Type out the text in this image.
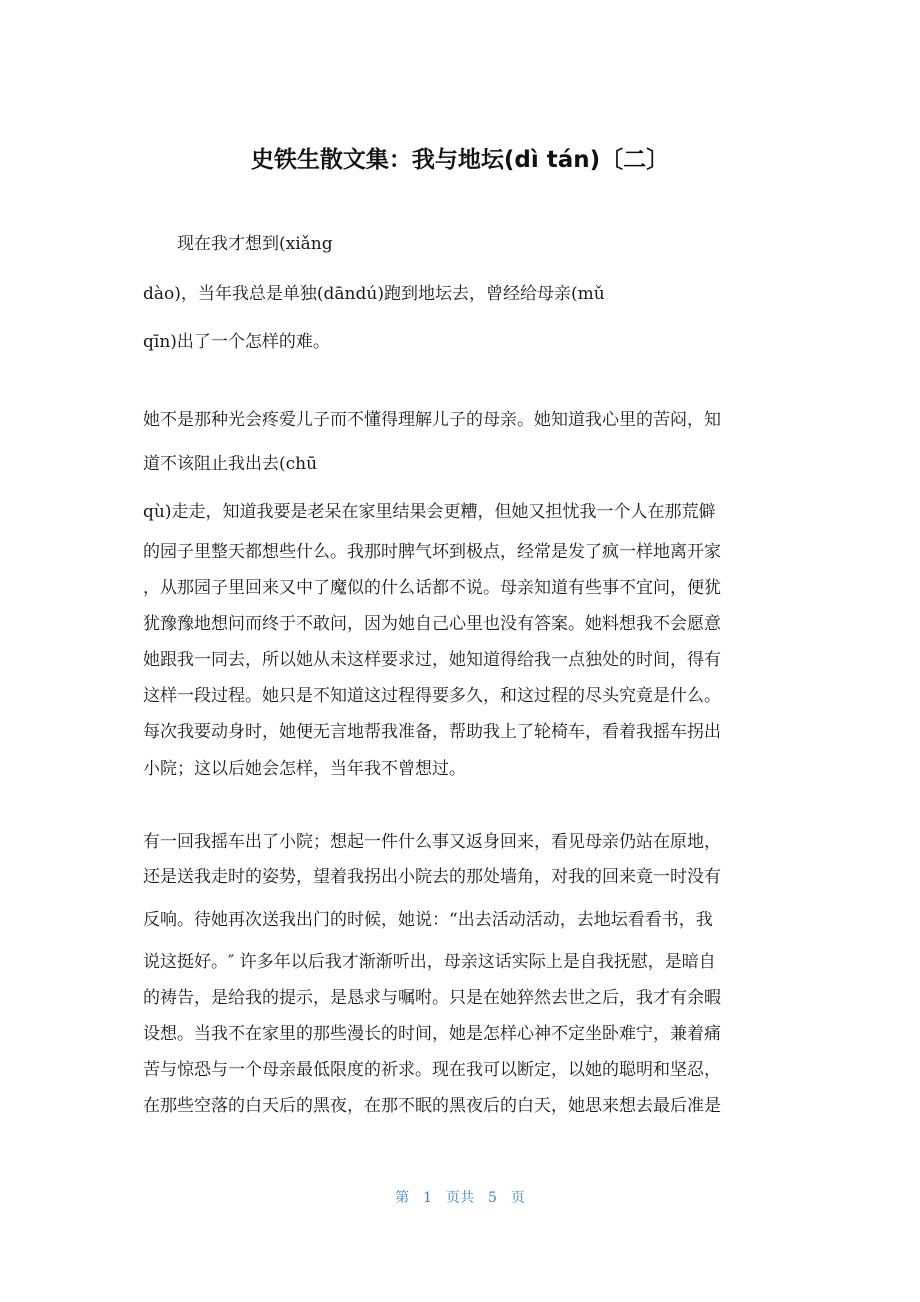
史铁生散文集：我与地坛(dì tán)〔二〕
　　现在我才想到(xiǎng
dào)，当年我总是单独(dāndú)跑到地坛去，曾经给母亲(mǔ
qīn)出了一个怎样的难。
她不是那种光会疼爱儿子而不懂得理解儿子的母亲。她知道我心里的苦闷，知
道不该阻止我出去(chū
qù)走走，知道我要是老呆在家里结果会更糟，但她又担忧我一个人在那荒僻
的园子里整天都想些什么。我那时脾气坏到极点，经常是发了疯一样地离开家
，从那园子里回来又中了魔似的什么话都不说。母亲知道有些事不宜问，便犹
犹豫豫地想问而终于不敢问，因为她自己心里也没有答案。她料想我不会愿意
她跟我一同去，所以她从未这样要求过，她知道得给我一点独处的时间，得有
这样一段过程。她只是不知道这过程得要多久，和这过程的尽头究竟是什么。
每次我要动身时，她便无言地帮我准备，帮助我上了轮椅车，看着我摇车拐出
小院；这以后她会怎样，当年我不曾想过。
有一回我摇车出了小院；想起一件什么事又返身回来，看见母亲仍站在原地，
还是送我走时的姿势，望着我拐出小院去的那处墙角，对我的回来竟一时没有
反响。待她再次送我出门的时候，她说：“出去活动活动，去地坛看看书，我
说这挺好。″ 许多年以后我才渐渐听出，母亲这话实际上是自我抚慰，是暗自
的祷告，是给我的提示，是恳求与嘱咐。只是在她猝然去世之后，我才有余暇
设想。当我不在家里的那些漫长的时间，她是怎样心神不定坐卧难宁，兼着痛
苦与惊恐与一个母亲最低限度的祈求。现在我可以断定，以她的聪明和坚忍，
在那些空落的白天后的黑夜，在那不眠的黑夜后的白天，她思来想去最后准是
第　1　页共　5　页
